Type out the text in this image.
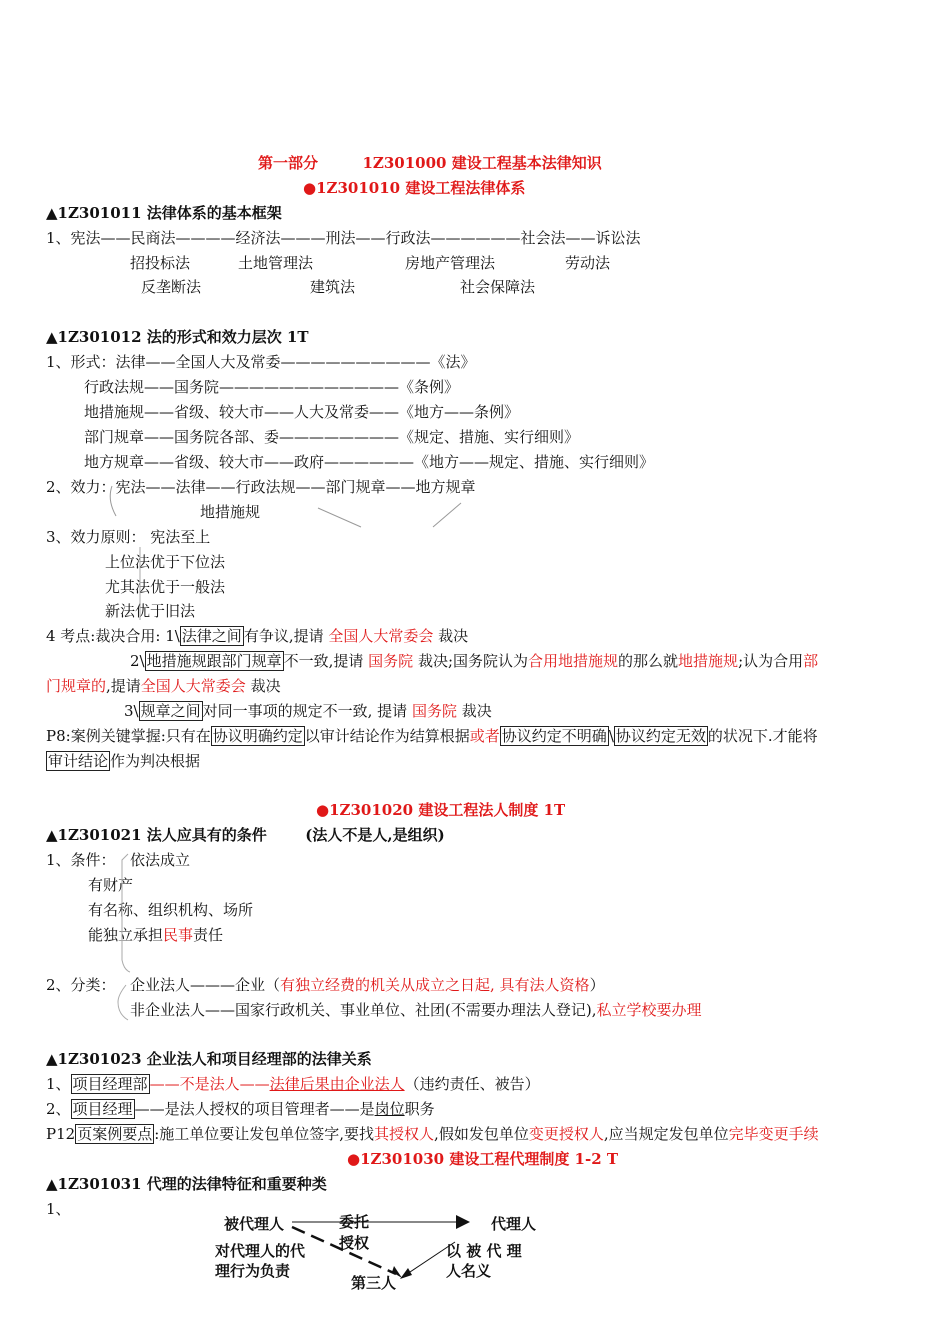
第一部分	1Z301000 建设工程基本法律知识
●1Z301010 建设工程法律体系
▲1Z301011 法律体系的基本框架
1、宪法——民商法————经济法———刑法——行政法——————社会法——诉讼法
招投标法	土地管理法	房地产管理法	劳动法
反垄断法	建筑法	社会保障法
▲1Z301012 法的形式和效力层次 1T
1、形式：法律——全国人大及常委——————————《法》
行政法规——国务院————————————《条例》
地措施规——省级、较大市——人大及常委——《地方——条例》
部门规章——国务院各部、委————————《规定、措施、实行细则》
地方规章——省级、较大市——政府——————《地方——规定、措施、实行细则》
2、效力：宪法——法律——行政法规——部门规章——地方规章
地措施规
3、效力原则： 宪法至上
上位法优于下位法
尤其法优于一般法
新法优于旧法
4 考点:裁决合用: 1\ 法律之间 有争议,提请 全国人大常委会 裁决
2\ 地措施规跟部门规章 不一致,提请 国务院 裁决;国务院认为合用地措施规的那么就地措施规;认为合用部
门规章的,提请全国人大常委会 裁决
3\ 规章之间 对同一事项的规定不一致, 提请 国务院 裁决
P8:案例关键掌握:只有在 协议明确约定 以审计结论作为结算根据或者 协议约定不明确 \ 协议约定无效 的状况下.才能将
审计结论 作为判决根据
●1Z301020 建设工程法人制度 1T
▲1Z301021 法人应具有的条件	(法人不是人,是组织)
1、条件： 依法成立
有财产
有名称、组织机构、场所
能独立承担民事责任
2、分类： 企业法人———企业（有独立经费的机关从成立之日起, 具有法人资格）
非企业法人——国家行政机关、事业单位、社团(不需要办理法人登记),私立学校要办理
▲1Z301023 企业法人和项目经理部的法律关系
1、 项目经理部 ——不是法人——法律后果由企业法人（违约责任、被告）
2、 项目经理 ——是法人授权的项目管理者——是岗位职务
P12 页案例要点 :施工单位要让发包单位签字,要找其授权人,假如发包单位变更授权人,应当规定发包单位完毕变更手续
●1Z301030 建设工程代理制度 1-2 T
▲1Z301031 代理的法律特征和重要种类
1、
被代理人	委托
授权
代理人
对代理人的代
理行为负责
以 被 代 理
人名义
第三人
